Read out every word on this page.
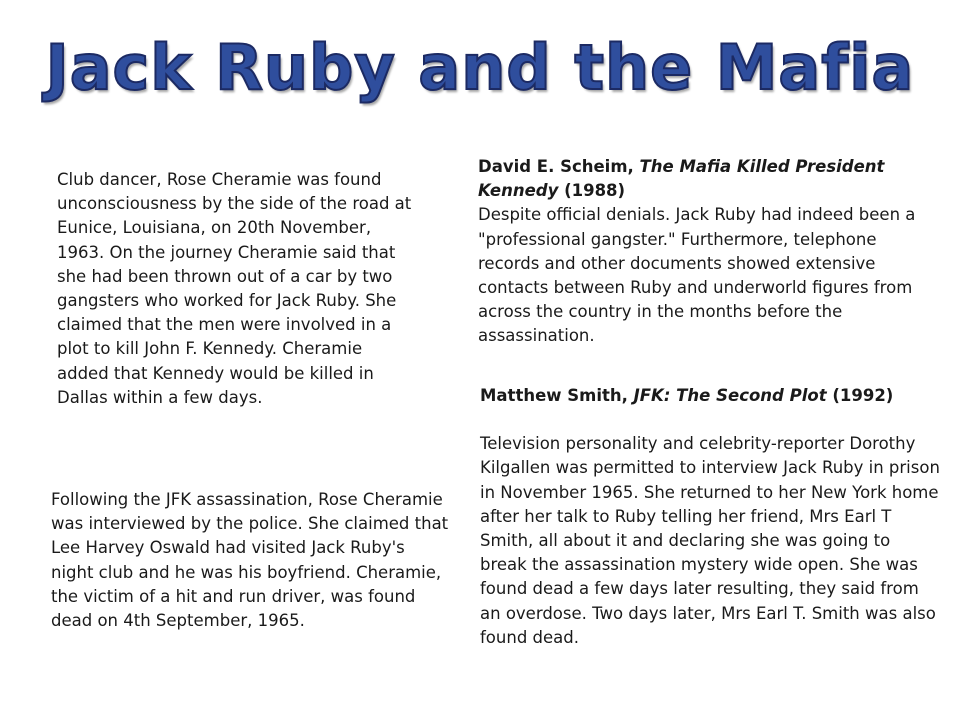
Jack Ruby and the Mafia

Club dancer, Rose Cheramie was found unconsciousness by the side of the road at Eunice, Louisiana, on 20th November, 1963. On the journey Cheramie said that she had been thrown out of a car by two gangsters who worked for Jack Ruby. She claimed that the men were involved in a plot to kill John F. Kennedy. Cheramie added that Kennedy would be killed in Dallas within a few days.

Following the JFK assassination, Rose Cheramie was interviewed by the police. She claimed that Lee Harvey Oswald had visited Jack Ruby's night club and he was his boyfriend. Cheramie, the victim of a hit and run driver, was found dead on 4th September, 1965.

David E. Scheim, The Mafia Killed President Kennedy (1988)

Despite official denials. Jack Ruby had indeed been a "professional gangster." Furthermore, telephone records and other documents showed extensive contacts between Ruby and underworld figures from across the country in the months before the assassination.

Matthew Smith, JFK: The Second Plot (1992)

Television personality and celebrity-reporter Dorothy Kilgallen was permitted to interview Jack Ruby in prison in November 1965. She returned to her New York home after her talk to Ruby telling her friend, Mrs Earl T Smith, all about it and declaring she was going to break the assassination mystery wide open. She was found dead a few days later resulting, they said from an overdose. Two days later, Mrs Earl T. Smith was also found dead.
